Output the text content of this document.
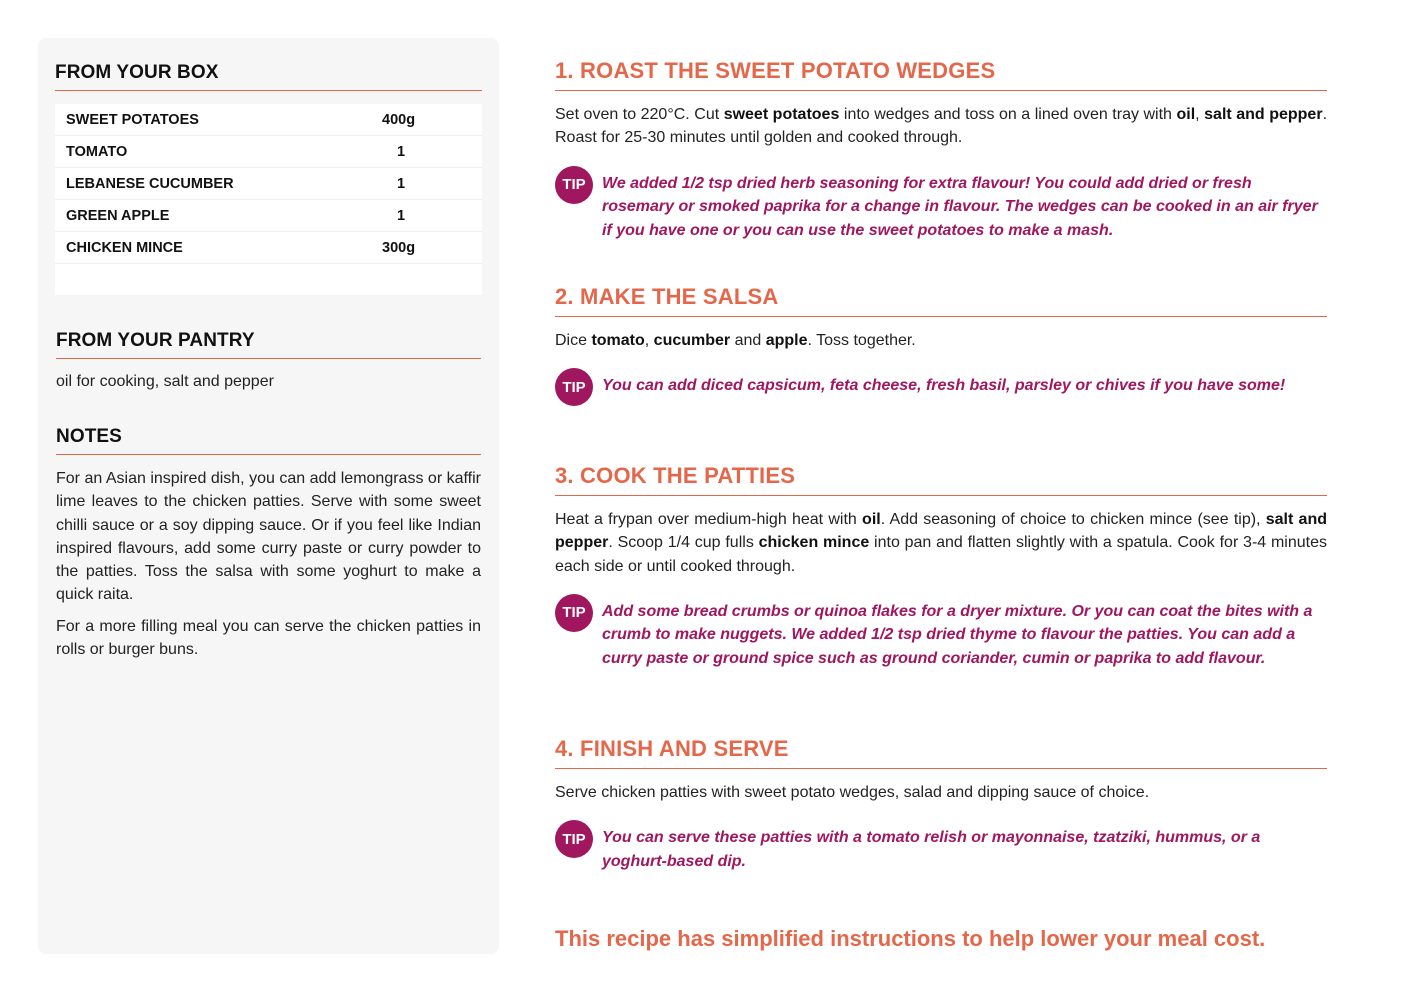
FROM YOUR BOX
SWEET POTATOES	400g
TOMATO	1
LEBANESE CUCUMBER	1
GREEN APPLE	1
CHICKEN MINCE	300g
FROM YOUR PANTRY

oil for cooking, salt and pepper

NOTES

For an Asian inspired dish, you can add lemongrass or kaffir lime leaves to the chicken patties. Serve with some sweet chilli sauce or a soy dipping sauce. Or if you feel like Indian inspired flavours, add some curry paste or curry powder to the patties. Toss the salsa with some yoghurt to make a quick raita.

For a more filling meal you can serve the chicken patties in rolls or burger buns.

1. ROAST THE SWEET POTATO WEDGES

Set oven to 220°C. Cut sweet potatoes into wedges and toss on a lined oven tray with oil, salt and pepper. Roast for 25-30 minutes until golden and cooked through.

TIP	We added 1/2 tsp dried herb seasoning for extra flavour! You could add dried or fresh rosemary or smoked paprika for a change in flavour. The wedges can be cooked in an air fryer if you have one or you can use the sweet potatoes to make a mash.
2. MAKE THE SALSA

Dice tomato, cucumber and apple. Toss together.

TIP	You can add diced capsicum, feta cheese, fresh basil, parsley or chives if you have some!
3. COOK THE PATTIES

Heat a frypan over medium-high heat with oil. Add seasoning of choice to chicken mince (see tip), salt and pepper. Scoop 1/4 cup fulls chicken mince into pan and flatten slightly with a spatula. Cook for 3-4 minutes each side or until cooked through.

TIP	Add some bread crumbs or quinoa flakes for a dryer mixture. Or you can coat the bites with a crumb to make nuggets. We added 1/2 tsp dried thyme to flavour the patties. You can add a curry paste or ground spice such as ground coriander, cumin or paprika to add flavour.
4. FINISH AND SERVE

Serve chicken patties with sweet potato wedges, salad and dipping sauce of choice.

TIP	You can serve these patties with a tomato relish or mayonnaise, tzatziki, hummus, or a yoghurt-based dip.

This recipe has simplified instructions to help lower your meal cost.
